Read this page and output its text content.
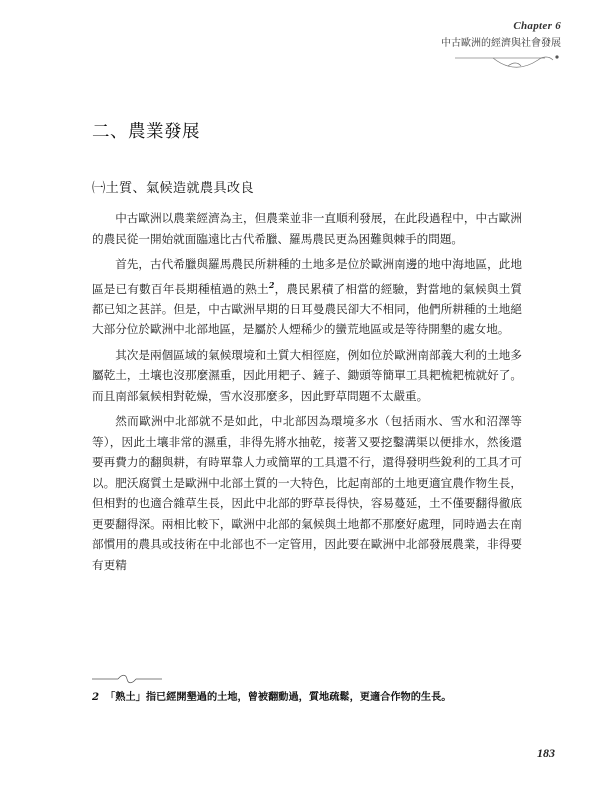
Chapter 6
中古歐洲的經濟與社會發展
二、農業發展
㈠土質、氣候造就農具改良

中古歐洲以農業經濟為主，但農業並非一直順利發展，在此段過程中，中古歐洲的農民從一開始就面臨遠比古代希臘、羅馬農民更為困難與棘手的問題。

首先，古代希臘與羅馬農民所耕種的土地多是位於歐洲南邊的地中海地區，此地區是已有數百年長期種植過的熟土$^2$，農民累積了相當的經驗，對當地的氣候與土質都已知之甚詳。但是，中古歐洲早期的日耳曼農民卻大不相同，他們所耕種的土地絕大部分位於歐洲中北部地區，是屬於人煙稀少的蠻荒地區或是等待開墾的處女地。

其次是兩個區域的氣候環境和土質大相徑庭，例如位於歐洲南部義大利的土地多屬乾土，土壤也沒那麼濕重，因此用耙子、鏟子、鋤頭等簡單工具耙梳耙梳就好了。而且南部氣候相對乾燥，雪水沒那麼多，因此野草問題不太嚴重。

然而歐洲中北部就不是如此，中北部因為環境多水（包括雨水、雪水和沼澤等等），因此土壤非常的濕重，非得先將水抽乾，接著又要挖鑿溝渠以便排水，然後還要再費力的翻與耕，有時單靠人力或簡單的工具還不行，還得發明些銳利的工具才可以。肥沃腐質土是歐洲中北部土質的一大特色，比起南部的土地更適宜農作物生長，但相對的也適合雜草生長，因此中北部的野草長得快，容易蔓延，土不僅要翻得徹底更要翻得深。兩相比較下，歐洲中北部的氣候與土地都不那麼好處理，同時過去在南部慣用的農具或技術在中北部也不一定管用，因此要在歐洲中北部發展農業，非得要有更精

2 「熟土」指已經開墾過的土地，曾被翻動過，質地疏鬆，更適合作物的生長。
183
